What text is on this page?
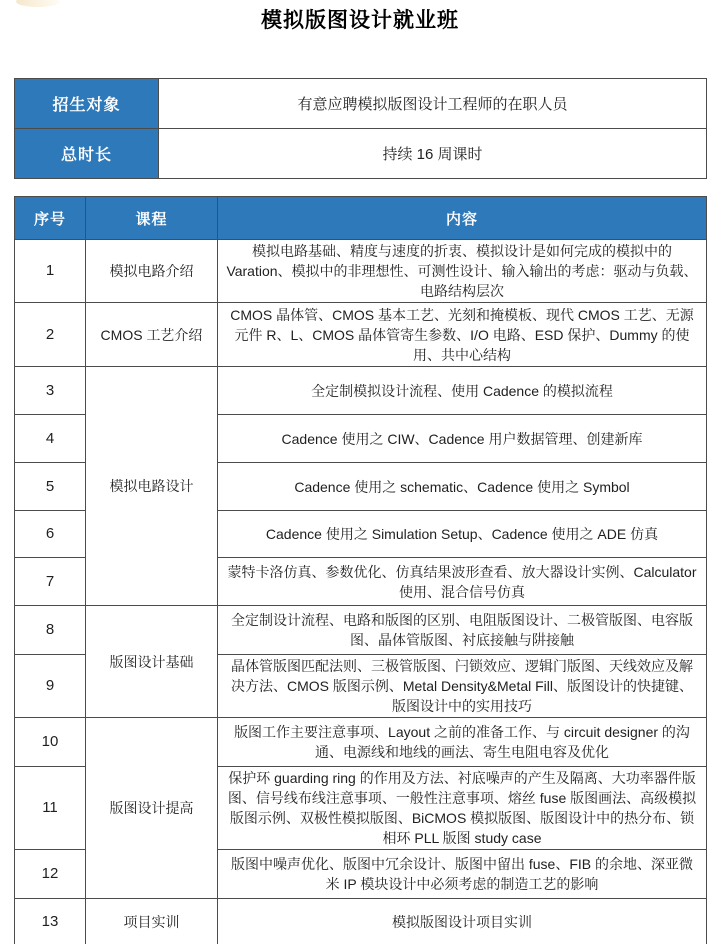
模拟版图设计就业班
招生对象	有意应聘模拟版图设计工程师的在职人员
总时长	持续 16 周课时
序号	课程	内容
1	模拟电路介绍	模拟电路基础、精度与速度的折衷、模拟设计是如何完成的模拟中的 Varation、模拟中的非理想性、可测性设计、输入输出的考虑：驱动与负载、电路结构层次
2	CMOS 工艺介绍	CMOS 晶体管、CMOS 基本工艺、光刻和掩模板、现代 CMOS 工艺、无源元件 R、L、CMOS 晶体管寄生参数、I/O 电路、ESD 保护、Dummy 的使用、共中心结构
3	模拟电路设计	全定制模拟设计流程、使用 Cadence 的模拟流程
4		Cadence 使用之 CIW、Cadence 用户数据管理、创建新库
5		Cadence 使用之 schematic、Cadence 使用之 Symbol
6		Cadence 使用之 Simulation Setup、Cadence 使用之 ADE 仿真
7		蒙特卡洛仿真、参数优化、仿真结果波形查看、放大器设计实例、Calculator 使用、混合信号仿真
8	版图设计基础	全定制设计流程、电路和版图的区别、电阻版图设计、二极管版图、电容版图、晶体管版图、衬底接触与阱接触
9		晶体管版图匹配法则、三极管版图、闩锁效应、逻辑门版图、天线效应及解决方法、CMOS 版图示例、Metal Density&Metal Fill、版图设计的快捷键、版图设计中的实用技巧
10	版图设计提高	版图工作主要注意事项、Layout 之前的准备工作、与 circuit designer 的沟通、电源线和地线的画法、寄生电阻电容及优化
11		保护环 guarding ring 的作用及方法、衬底噪声的产生及隔离、大功率器件版图、信号线布线注意事项、一般性注意事项、熔丝 fuse 版图画法、高级模拟版图示例、双极性模拟版图、BiCMOS 模拟版图、版图设计中的热分布、锁相环 PLL 版图 study case
12		版图中噪声优化、版图中冗余设计、版图中留出 fuse、FIB 的余地、深亚微米 IP 模块设计中必须考虑的制造工艺的影响
13	项目实训	模拟版图设计项目实训
